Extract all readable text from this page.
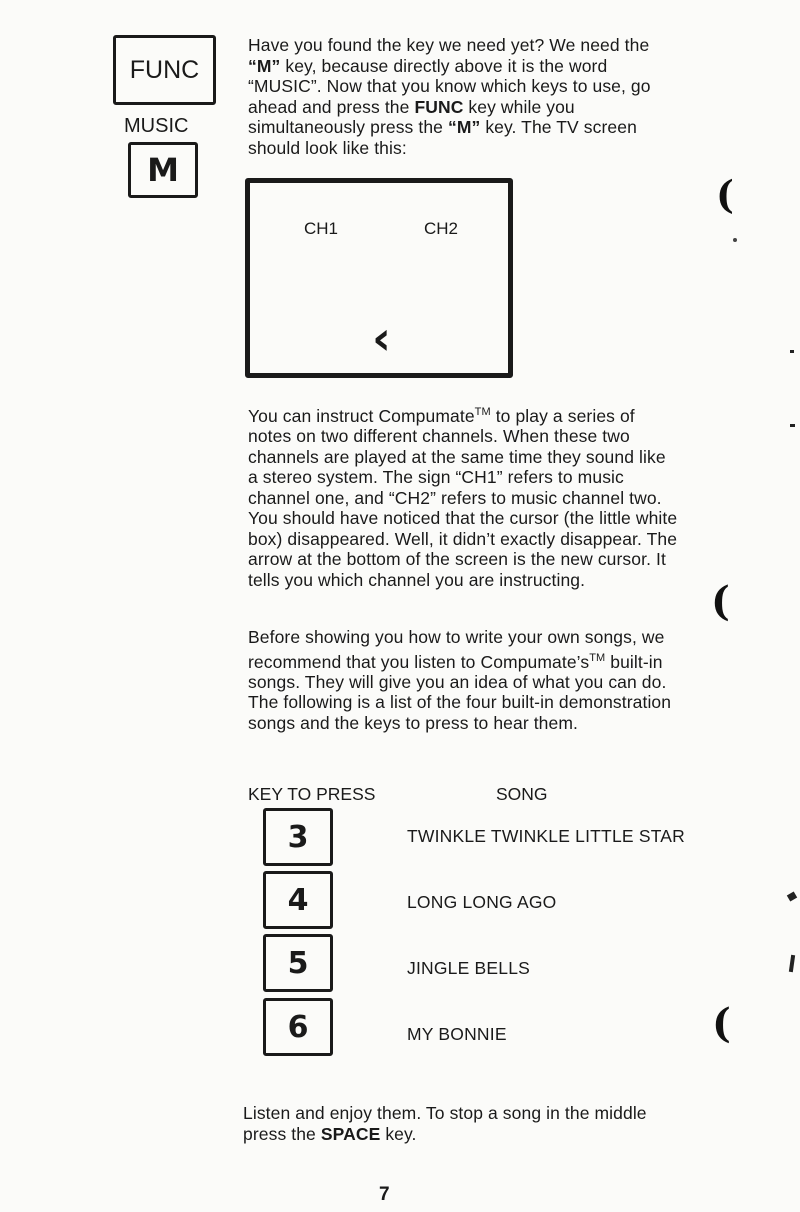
FUNC
MUSIC
M

Have you found the key we need yet? We need the “M” key, because directly above it is the word “MUSIC”. Now that you know which keys to use, go ahead and press the FUNC key while you simultaneously press the “M” key. The TV screen should look like this:

CH1	CH2
‹

You can instruct Compumate™ to play a series of notes on two different channels. When these two channels are played at the same time they sound like a stereo system. The sign “CH1” refers to music channel one, and “CH2” refers to music channel two. You should have noticed that the cursor (the little white box) disappeared. Well, it didn’t exactly disappear. The arrow at the bottom of the screen is the new cursor. It tells you which channel you are instructing.

Before showing you how to write your own songs, we recommend that you listen to Compumate’s™ built-in songs. They will give you an idea of what you can do. The following is a list of the four built-in demonstration songs and the keys to press to hear them.

KEY TO PRESS	SONG
3	TWINKLE TWINKLE LITTLE STAR
4	LONG LONG AGO
5	JINGLE BELLS
6	MY BONNIE

Listen and enjoy them. To stop a song in the middle press the SPACE key.

7
(
(
(
